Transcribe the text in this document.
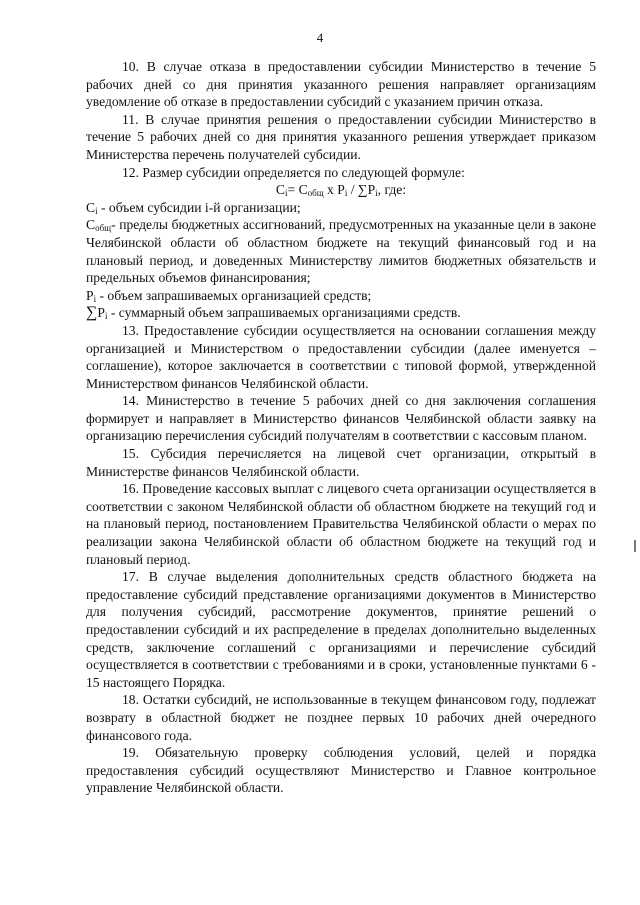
4

10. В случае отказа в предоставлении субсидии Министерство в течение 5 рабочих дней со дня принятия указанного решения направляет организациям уведомление об отказе в предоставлении субсидий с указанием причин отказа.

11. В случае принятия решения о предоставлении субсидии Министерство в течение 5 рабочих дней со дня принятия указанного решения утверждает приказом Министерства перечень получателей субсидии.

12. Размер субсидии определяется по следующей формуле:

$C_i= C_{общ}$ x $P_i / \sum P_i$, где:

$C_i$ - объем субсидии i-й организации;

$C_{общ}-$ пределы бюджетных ассигнований, предусмотренных на указанные цели в законе Челябинской области об областном бюджете на текущий финансовый год и на плановый период, и доведенных Министерству лимитов бюджетных обязательств и предельных объемов финансирования;

$P_i$ - объем запрашиваемых организацией средств;

$\sum P_i$ - суммарный объем запрашиваемых организациями средств.

13. Предоставление субсидии осуществляется на основании соглашения между организацией и Министерством о предоставлении субсидии (далее именуется – соглашение), которое заключается в соответствии с типовой формой, утвержденной Министерством финансов Челябинской области.

14. Министерство в течение 5 рабочих дней со дня заключения соглашения формирует и направляет в Министерство финансов Челябинской области заявку на организацию перечисления субсидий получателям в соответствии с кассовым планом.

15. Субсидия перечисляется на лицевой счет организации, открытый в Министерстве финансов Челябинской области.

16. Проведение кассовых выплат с лицевого счета организации осуществляется в соответствии с законом Челябинской области об областном бюджете на текущий год и на плановый период, постановлением Правительства Челябинской области о мерах по реализации закона Челябинской области об областном бюджете на текущий год и плановый период.

17. В случае выделения дополнительных средств областного бюджета на предоставление субсидий представление организациями документов в Министерство для получения субсидий, рассмотрение документов, принятие решений о предоставлении субсидий и их распределение в пределах дополнительно выделенных средств, заключение соглашений с организациями и перечисление субсидий осуществляется в соответствии с требованиями и в сроки, установленные пунктами 6 - 15 настоящего Порядка.

18. Остатки субсидий, не использованные в текущем финансовом году, подлежат возврату в областной бюджет не позднее первых 10 рабочих дней очередного финансового года.

19. Обязательную проверку соблюдения условий, целей и порядка предоставления субсидий осуществляют Министерство и Главное контрольное управление Челябинской области.
